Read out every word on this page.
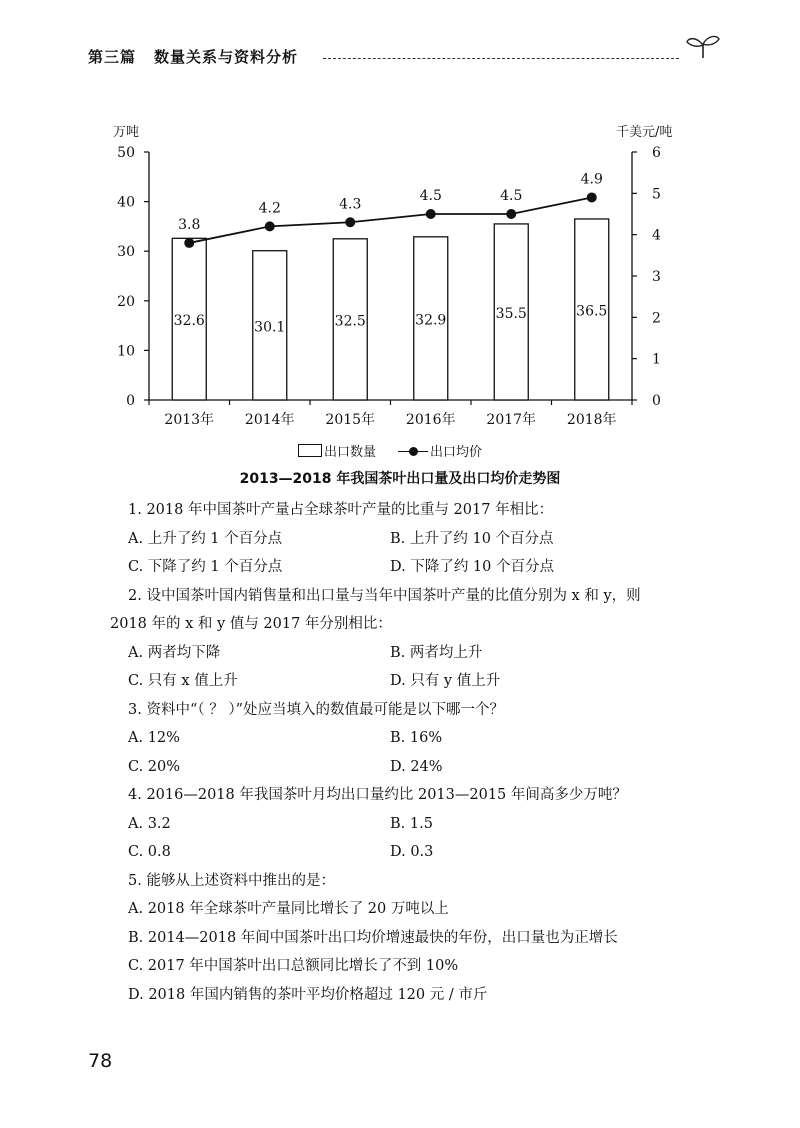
第三篇 数量关系与资料分析
0
10
20
30
40
50
0
1
2
3
4
5
6
万吨	千美元/吨
32.6	30.1	32.5	32.9	35.5	36.5
2013年 2014年 2015年 2016年 2017年 2018年
3.8
4.2	4.3
4.5	4.5
4.9
出口数量	出口均价
2013—2018 年我国茶叶出口量及出口均价走势图
1. 2018 年中国茶叶产量占全球茶叶产量的比重与 2017 年相比：
A. 上升了约 1 个百分点	B. 上升了约 10 个百分点
C. 下降了约 1 个百分点	D. 下降了约 10 个百分点
2. 设中国茶叶国内销售量和出口量与当年中国茶叶产量的比值分别为 x 和 y，则
2018 年的 x 和 y 值与 2017 年分别相比：
A. 两者均下降	B. 两者均上升
C. 只有 x 值上升	D. 只有 y 值上升
3. 资料中“（ ？ ）”处应当填入的数值最可能是以下哪一个？
A. 12%	B. 16%
C. 20%	D. 24%
4. 2016—2018 年我国茶叶月均出口量约比 2013—2015 年间高多少万吨？
A. 3.2	B. 1.5
C. 0.8	D. 0.3
5. 能够从上述资料中推出的是：
A. 2018 年全球茶叶产量同比增长了 20 万吨以上
B. 2014—2018 年间中国茶叶出口均价增速最快的年份，出口量也为正增长
C. 2017 年中国茶叶出口总额同比增长了不到 10%
D. 2018 年国内销售的茶叶平均价格超过 120 元 / 市斤
78
